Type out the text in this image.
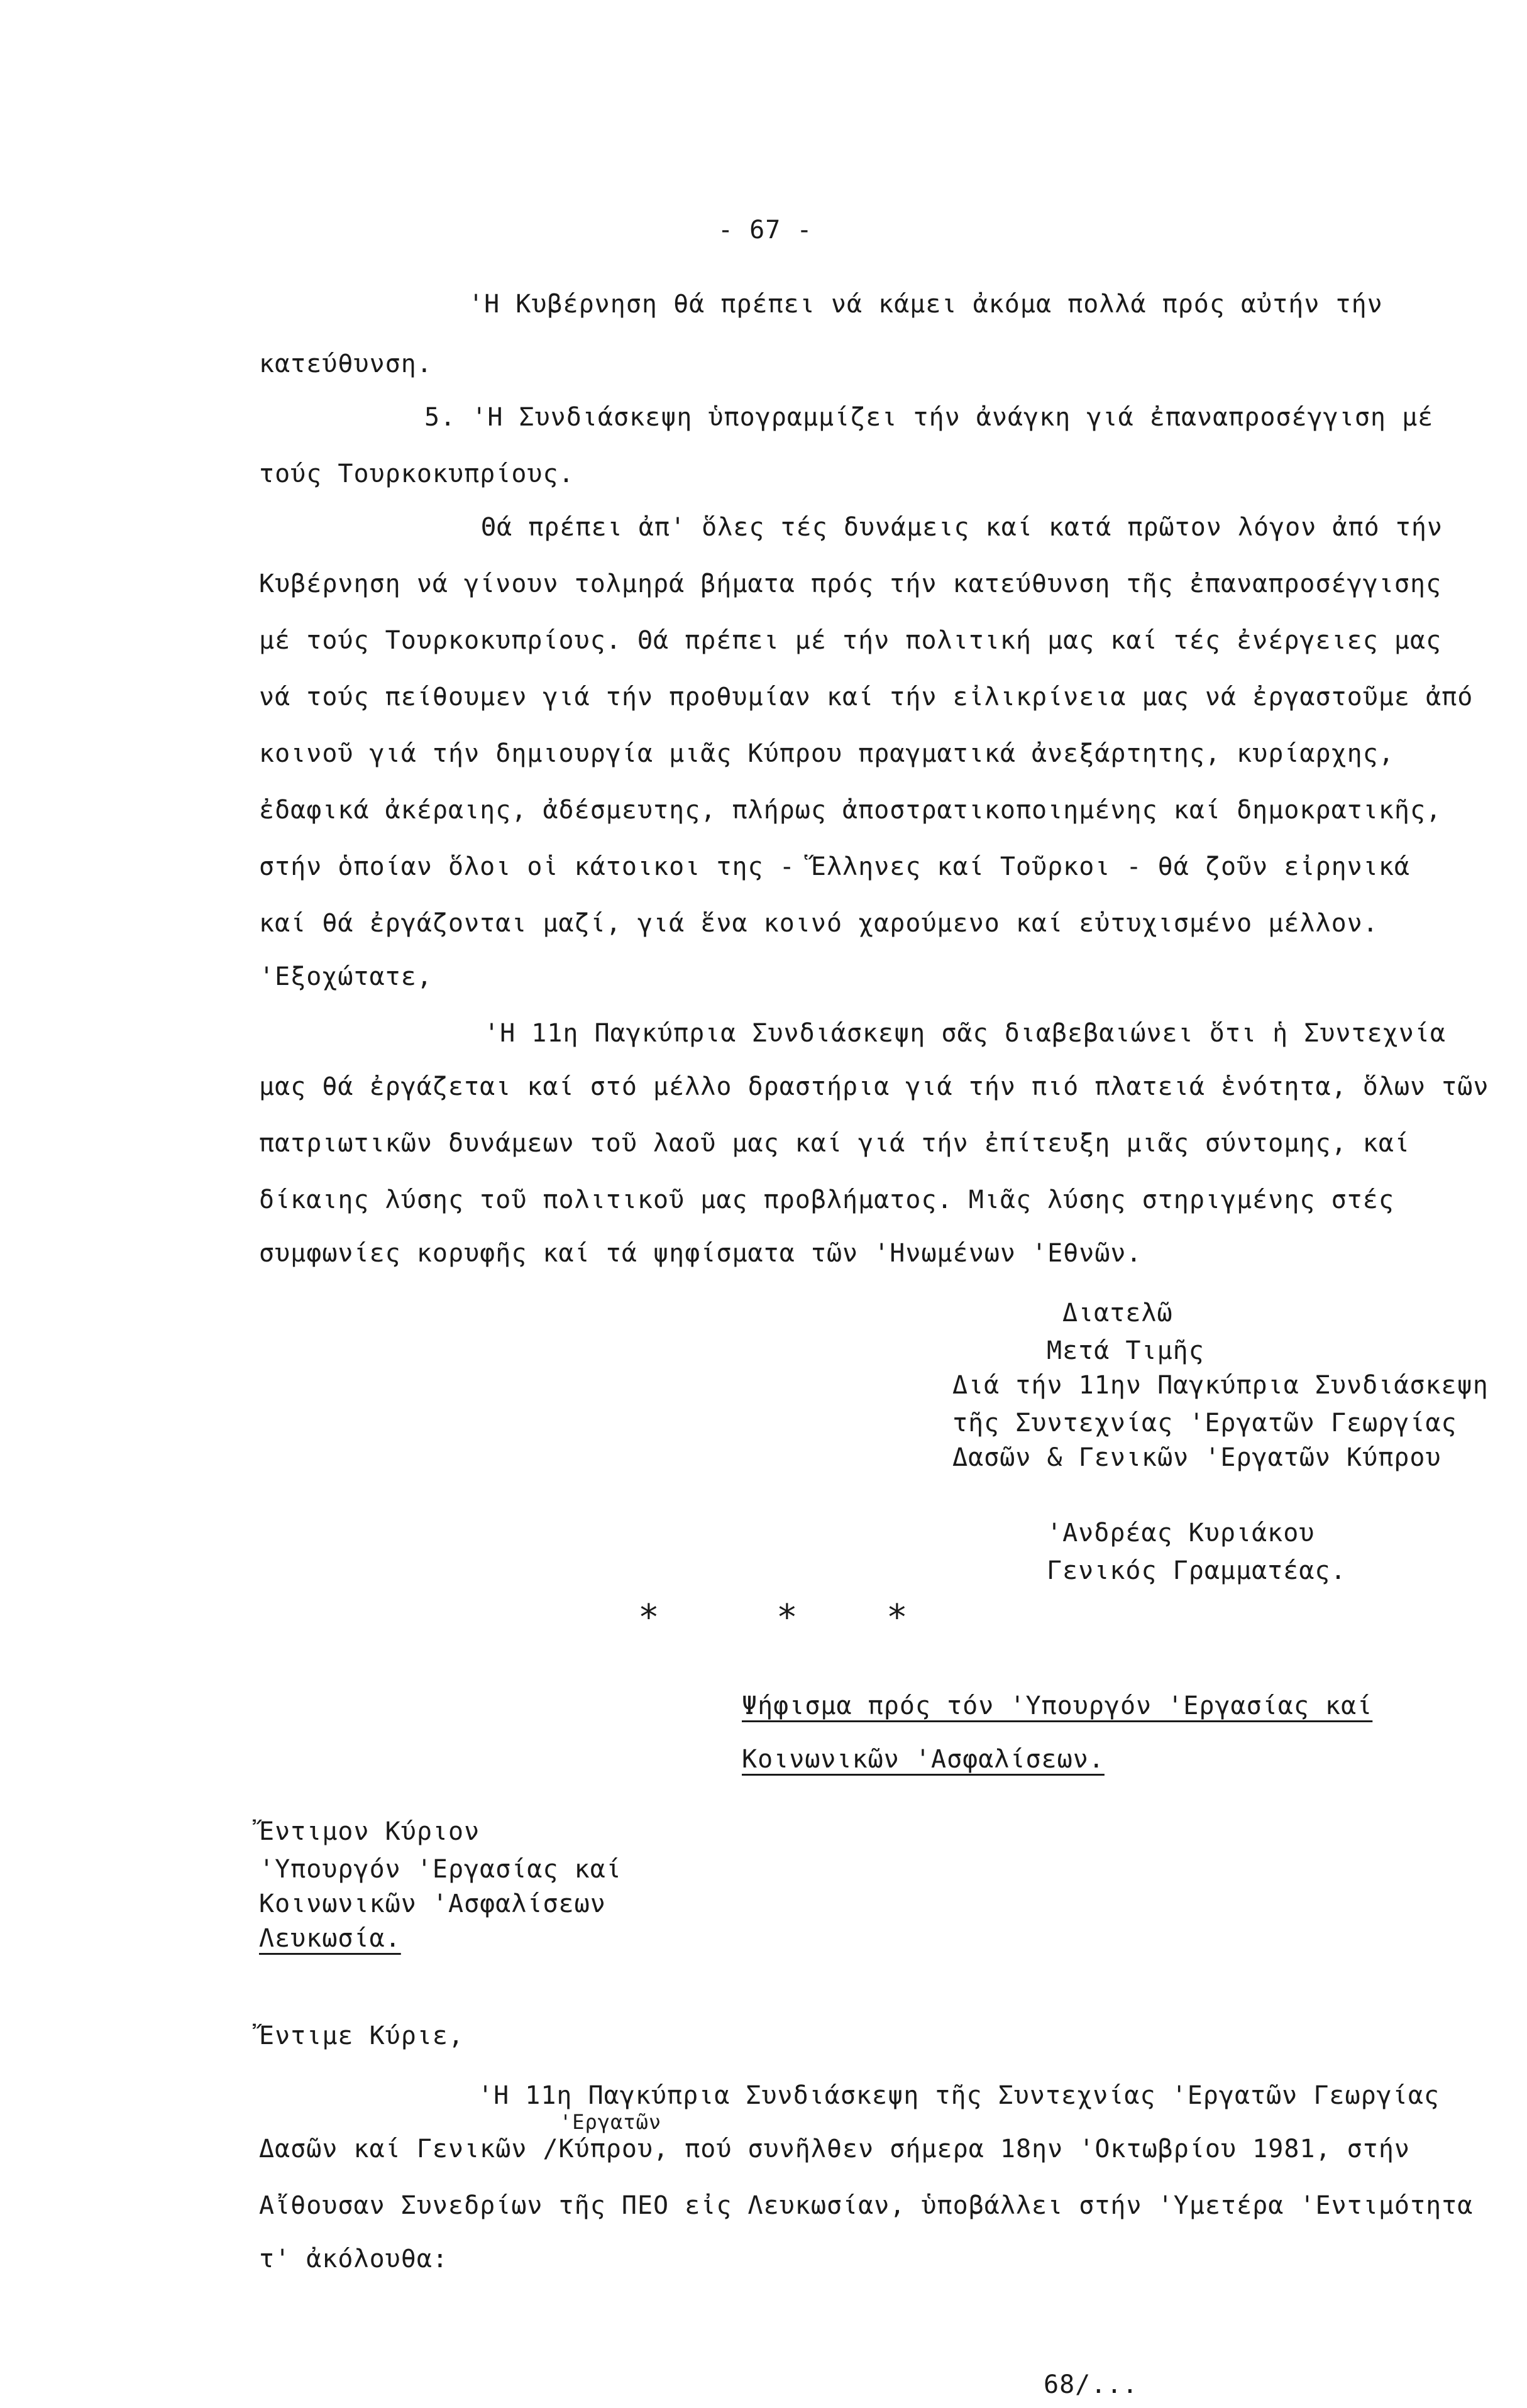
- 67 -
'Η Κυβέρνηση θά πρέπει νά κάμει ἀκόμα πολλά πρός αὐτήν τήν
κατεύθυνση.
5. 'Η Συνδιάσκεψη ὑπογραμμίζει τήν ἀνάγκη γιά ἐπαναπροσέγγιση μέ
τούς Τουρκοκυπρίους.
Θά πρέπει ἀπ' ὅλες τές δυνάμεις καί κατά πρῶτον λόγον ἀπό τήν
Κυβέρνηση νά γίνουν τολμηρά βήματα πρός τήν κατεύθυνση τῆς ἐπαναπροσέγγισης
μέ τούς Τουρκοκυπρίους. Θά πρέπει μέ τήν πολιτική μας καί τές ἐνέργειες μας
νά τούς πείθουμεν γιά τήν προθυμίαν καί τήν εἰλικρίνεια μας νά ἐργαστοῦμε ἀπό
κοινοῦ γιά τήν δημιουργία μιᾶς Κύπρου πραγματικά ἀνεξάρτητης, κυρίαρχης,
ἐδαφικά ἀκέραιης, ἀδέσμευτης, πλήρως ἀποστρατικοποιημένης καί δημοκρατικῆς,
στήν ὁποίαν ὅλοι οἱ κάτοικοι της - Ἕλληνες καί Τοῦρκοι - θά ζοῦν εἰρηνικά
καί θά ἐργάζονται μαζί, γιά ἕνα κοινό χαρούμενο καί εὐτυχισμένο μέλλον.
'Εξοχώτατε,
'Η 11η Παγκύπρια Συνδιάσκεψη σᾶς διαβεβαιώνει ὅτι ἡ Συντεχνία
μας θά ἐργάζεται καί στό μέλλο δραστήρια γιά τήν πιό πλατειά ἑνότητα, ὅλων τῶν
πατριωτικῶν δυνάμεων τοῦ λαοῦ μας καί γιά τήν ἐπίτευξη μιᾶς σύντομης, καί
δίκαιης λύσης τοῦ πολιτικοῦ μας προβλήματος. Μιᾶς λύσης στηριγμένης στές
συμφωνίες κορυφῆς καί τά ψηφίσματα τῶν 'Ηνωμένων 'Εθνῶν.
Διατελῶ
Μετά Τιμῆς
Διά τήν 11ην Παγκύπρια Συνδιάσκεψη
τῆς Συντεχνίας 'Εργατῶν Γεωργίας
Δασῶν & Γενικῶν 'Εργατῶν Κύπρου
'Ανδρέας Κυριάκου
Γενικός Γραμματέας.
*	*	*
Ψήφισμα πρός τόν 'Υπουργόν 'Εργασίας καί
Κοινωνικῶν 'Ασφαλίσεων.
Ἔντιμον Κύριον
'Υπουργόν 'Εργασίας καί
Κοινωνικῶν 'Ασφαλίσεων
Λευκωσία.
Ἔντιμε Κύριε,
'Η 11η Παγκύπρια Συνδιάσκεψη τῆς Συντεχνίας 'Εργατῶν Γεωργίας
'Εργατῶν
Δασῶν καί Γενικῶν /Κύπρου, πού συνῆλθεν σήμερα 18ην 'Οκτωβρίου 1981, στήν
Αἴθουσαν Συνεδρίων τῆς ΠΕΟ εἰς Λευκωσίαν, ὑποβάλλει στήν 'Υμετέρα 'Εντιμότητα
τ' ἀκόλουθα:
68/...
